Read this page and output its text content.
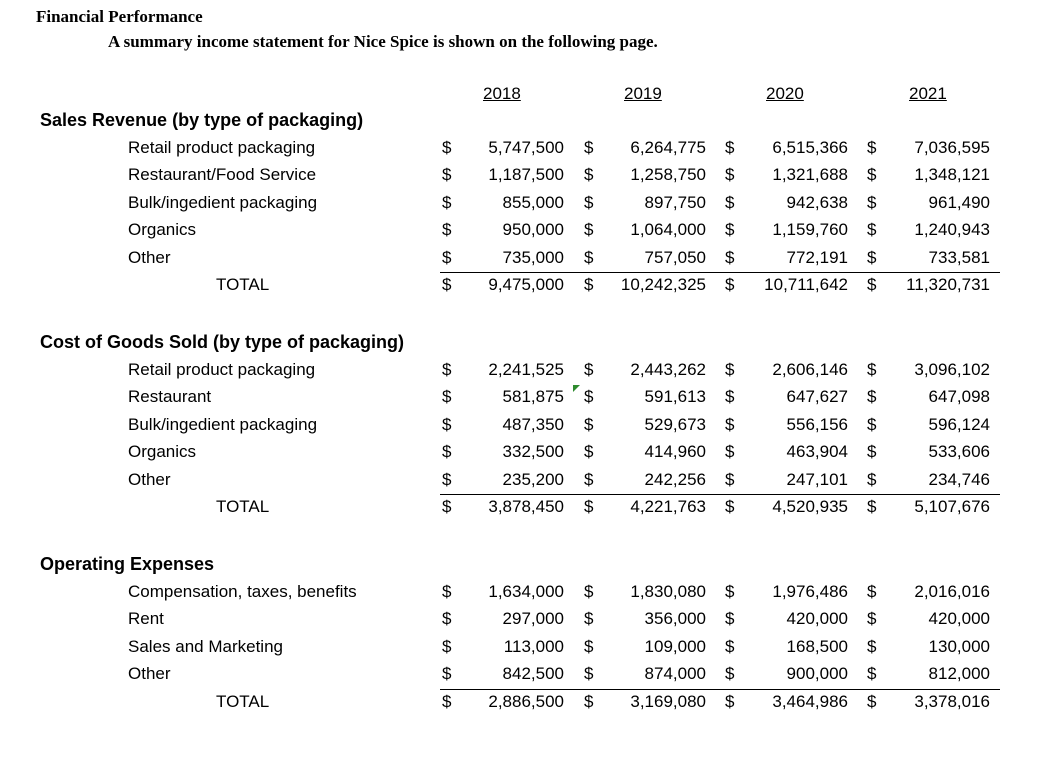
Financial Performance
A summary income statement for Nice Spice is shown on the following page.
2018	2019	2020	2021
Sales Revenue (by type of packaging)
Retail product packaging	$	5,747,500 $	6,264,775 $	6,515,366 $	7,036,595
Restaurant/Food Service	$	1,187,500 $	1,258,750 $	1,321,688 $	1,348,121
Bulk/ingedient packaging	$	855,000 $	897,750 $	942,638 $	961,490
Organics	$	950,000 $	1,064,000 $	1,159,760 $	1,240,943
Other	$	735,000 $	757,050 $	772,191 $	733,581
TOTAL	$	9,475,000 $	10,242,325 $	10,711,642 $	11,320,731
Cost of Goods Sold (by type of packaging)
Retail product packaging	$	2,241,525 $	2,443,262 $	2,606,146 $	3,096,102
Restaurant	$	581,875 $	591,613 $	647,627 $	647,098
Bulk/ingedient packaging	$	487,350 $	529,673 $	556,156 $	596,124
Organics	$	332,500 $	414,960 $	463,904 $	533,606
Other	$	235,200 $	242,256 $	247,101 $	234,746
TOTAL	$	3,878,450 $	4,221,763 $	4,520,935 $	5,107,676
Operating Expenses
Compensation, taxes, benefits	$	1,634,000 $	1,830,080 $	1,976,486 $	2,016,016
Rent	$	297,000 $	356,000 $	420,000 $	420,000
Sales and Marketing	$	113,000 $	109,000 $	168,500 $	130,000
Other	$	842,500 $	874,000 $	900,000 $	812,000
TOTAL	$	2,886,500 $	3,169,080 $	3,464,986 $	3,378,016
